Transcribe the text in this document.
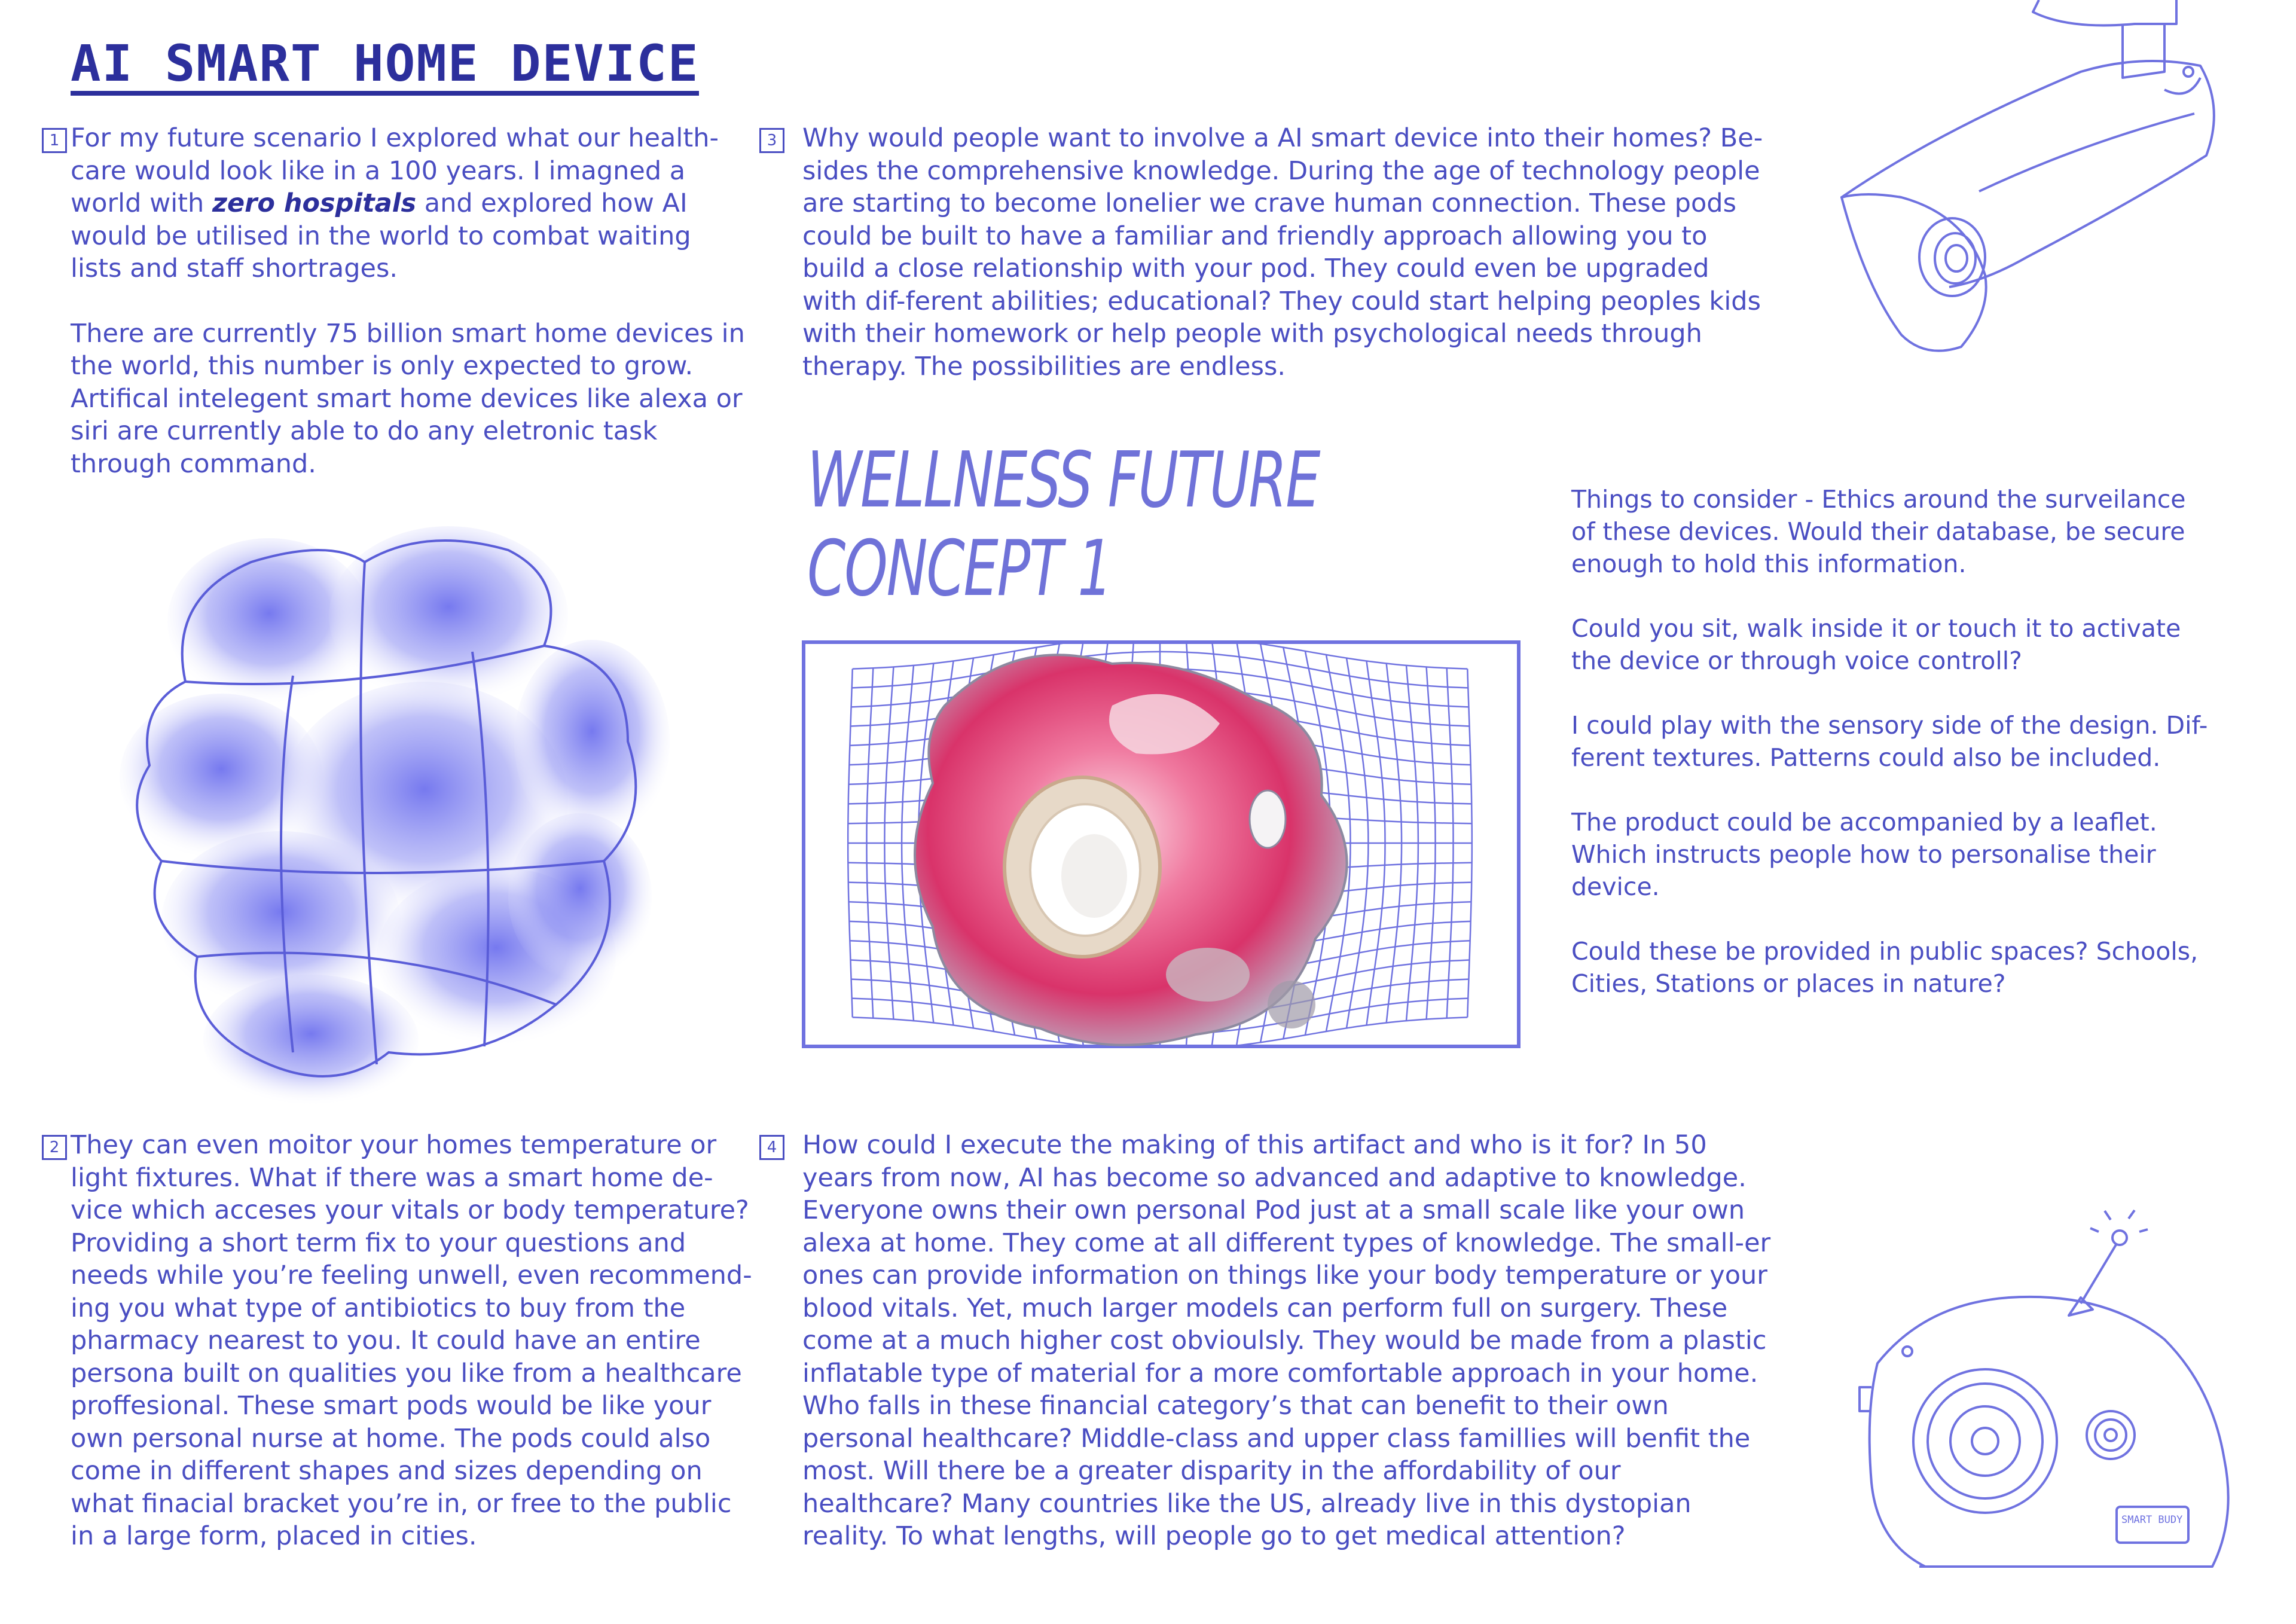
AI SMART HOME DEVICE
1 For my future scenario I explored what our health-care would look like in a 100 years. I imagned a world with zero hospitals and explored how AI would be utilised in the world to combat waiting lists and staff shortrages.

There are currently 75 billion smart home devices in the world, this number is only expected to grow. Artifical intelegent smart home devices like alexa or siri are currently able to do any eletronic task through command.

3 Why would people want to involve a AI smart device into their homes? Be-sides the comprehensive knowledge. During the age of technology people are starting to become lonelier we crave human connection. These pods could be built to have a familiar and friendly approach allowing you to build a close relationship with your pod. They could even be upgraded with dif-ferent abilities; educational? They could start helping peoples kids with their homework or help people with psychological needs through therapy. The possibilities are endless.

WELLNESS FUTURE
CONCEPT 1

Things to consider - Ethics around the surveilance of these devices. Would their database, be secure enough to hold this information.

Could you sit, walk inside it or touch it to activate the device or through voice controll?

I could play with the sensory side of the design. Dif-ferent textures. Patterns could also be included.

The product could be accompanied by a leaflet. Which instructs people how to personalise their device.

Could these be provided in public spaces? Schools, Cities, Stations or places in nature?

2 They can even moitor your homes temperature or light fixtures. What if there was a smart home de-vice which acceses your vitals or body temperature? Providing a short term fix to your questions and needs while you’re feeling unwell, even recommend-ing you what type of antibiotics to buy from the pharmacy nearest to you. It could have an entire persona built on qualities you like from a healthcare proffesional. These smart pods would be like your own personal nurse at home. The pods could also come in different shapes and sizes depending on what finacial bracket you’re in, or free to the public in a large form, placed in cities.

4 How could I execute the making of this artifact and who is it for? In 50 years from now, AI has become so advanced and adaptive to knowledge. Everyone owns their own personal Pod just at a small scale like your own alexa at home. They come at all different types of knowledge. The small-er ones can provide information on things like your body temperature or your blood vitals. Yet, much larger models can perform full on surgery. These come at a much higher cost obvioulsly. They would be made from a plastic inflatable type of material for a more comfortable approach in your home. Who falls in these financial category’s that can benefit to their own personal healthcare? Middle-class and upper class famillies will benfit the most. Will there be a greater disparity in the affordability of our healthcare? Many countries like the US, already live in this dystopian reality. To what lengths, will people go to get medical attention?

SMART BUDY
